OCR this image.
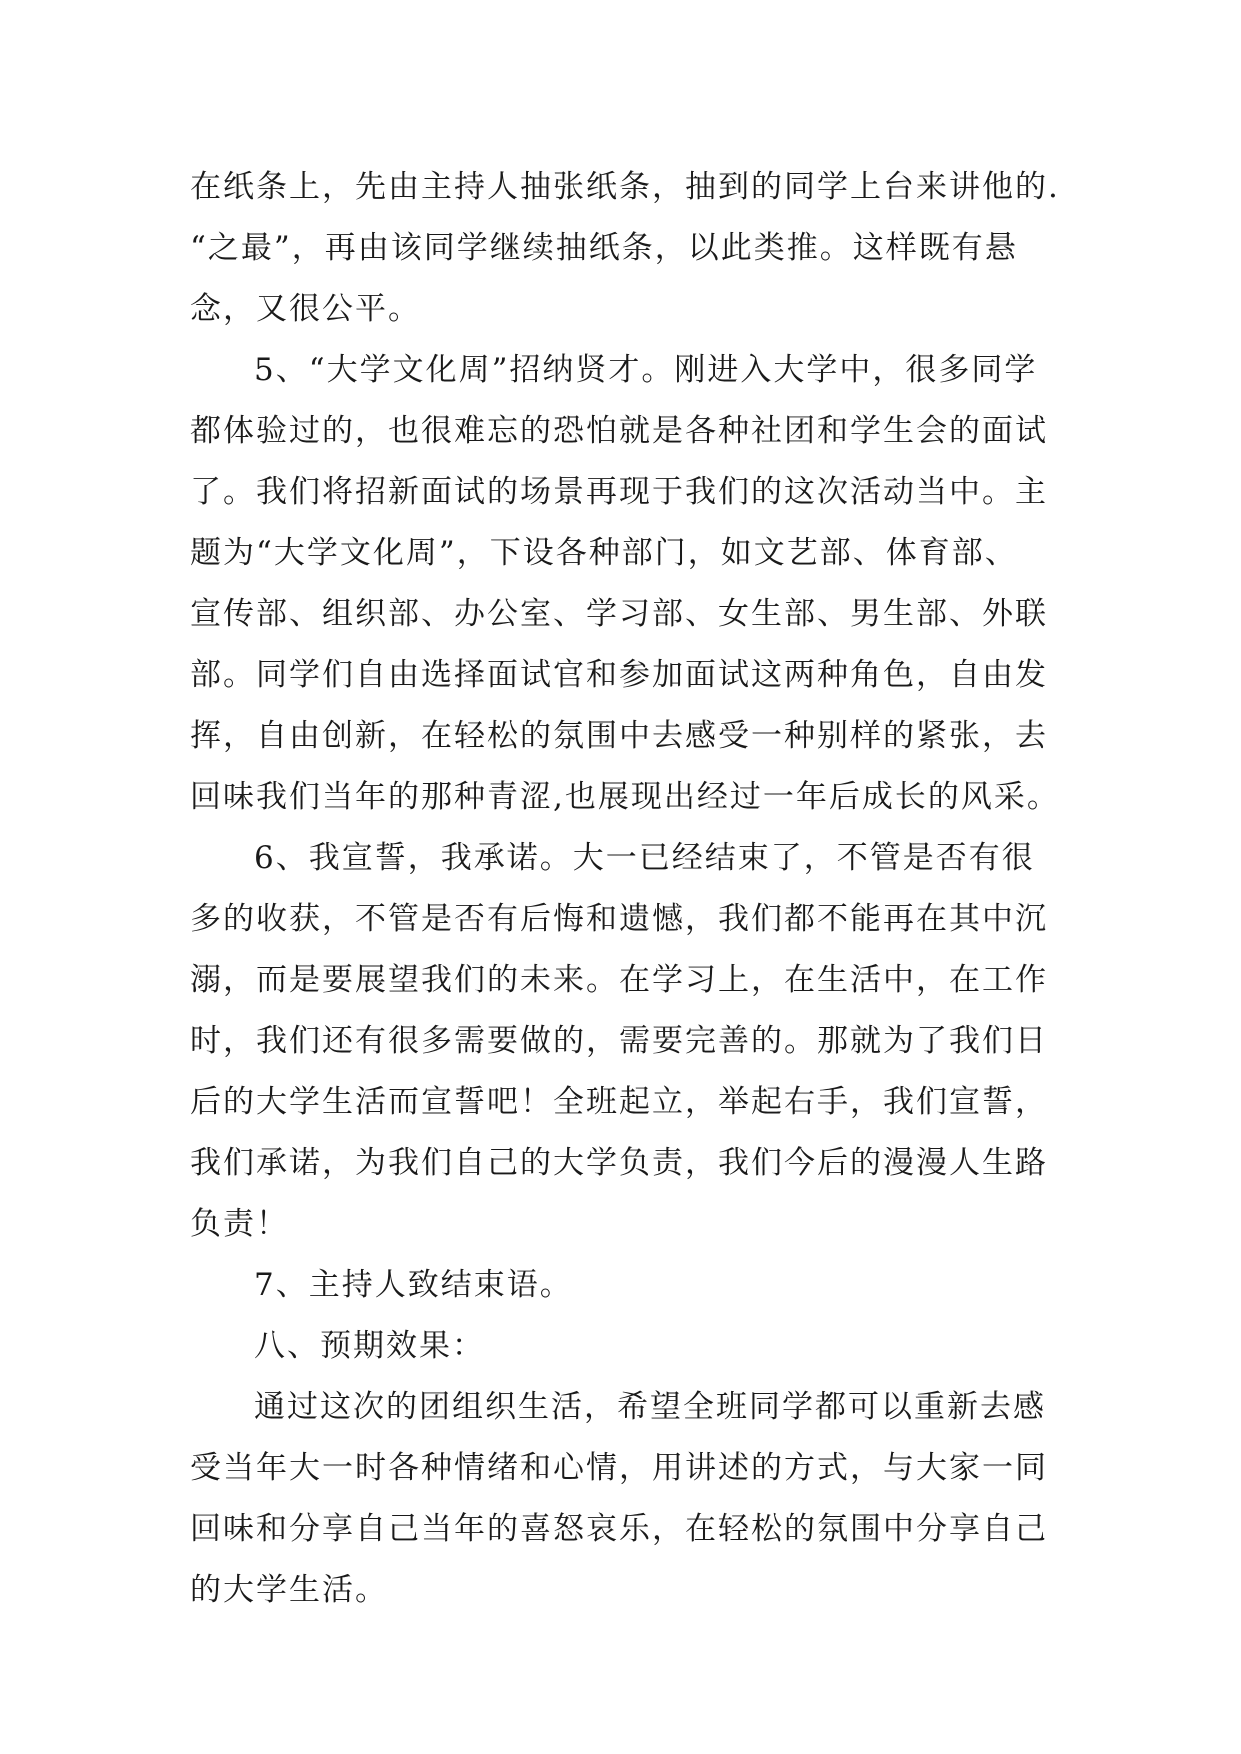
在纸条上，先由主持人抽张纸条，抽到的同学上台来讲他的.
“之最”，再由该同学继续抽纸条，以此类推。这样既有悬
念，又很公平。
5、“大学文化周”招纳贤才。刚进入大学中，很多同学
都体验过的，也很难忘的恐怕就是各种社团和学生会的面试
了。我们将招新面试的场景再现于我们的这次活动当中。主
题为“大学文化周”，下设各种部门，如文艺部、体育部、
宣传部、组织部、办公室、学习部、女生部、男生部、外联
部。同学们自由选择面试官和参加面试这两种角色，自由发
挥，自由创新，在轻松的氛围中去感受一种别样的紧张，去
回味我们当年的那种青涩,也展现出经过一年后成长的风采。
6、我宣誓，我承诺。大一已经结束了，不管是否有很
多的收获，不管是否有后悔和遗憾，我们都不能再在其中沉
溺，而是要展望我们的未来。在学习上，在生活中，在工作
时，我们还有很多需要做的，需要完善的。那就为了我们日
后的大学生活而宣誓吧！全班起立，举起右手，我们宣誓，
我们承诺，为我们自己的大学负责，我们今后的漫漫人生路
负责！
7、主持人致结束语。
八、预期效果：
通过这次的团组织生活，希望全班同学都可以重新去感
受当年大一时各种情绪和心情，用讲述的方式，与大家一同
回味和分享自己当年的喜怒哀乐，在轻松的氛围中分享自己
的大学生活。
